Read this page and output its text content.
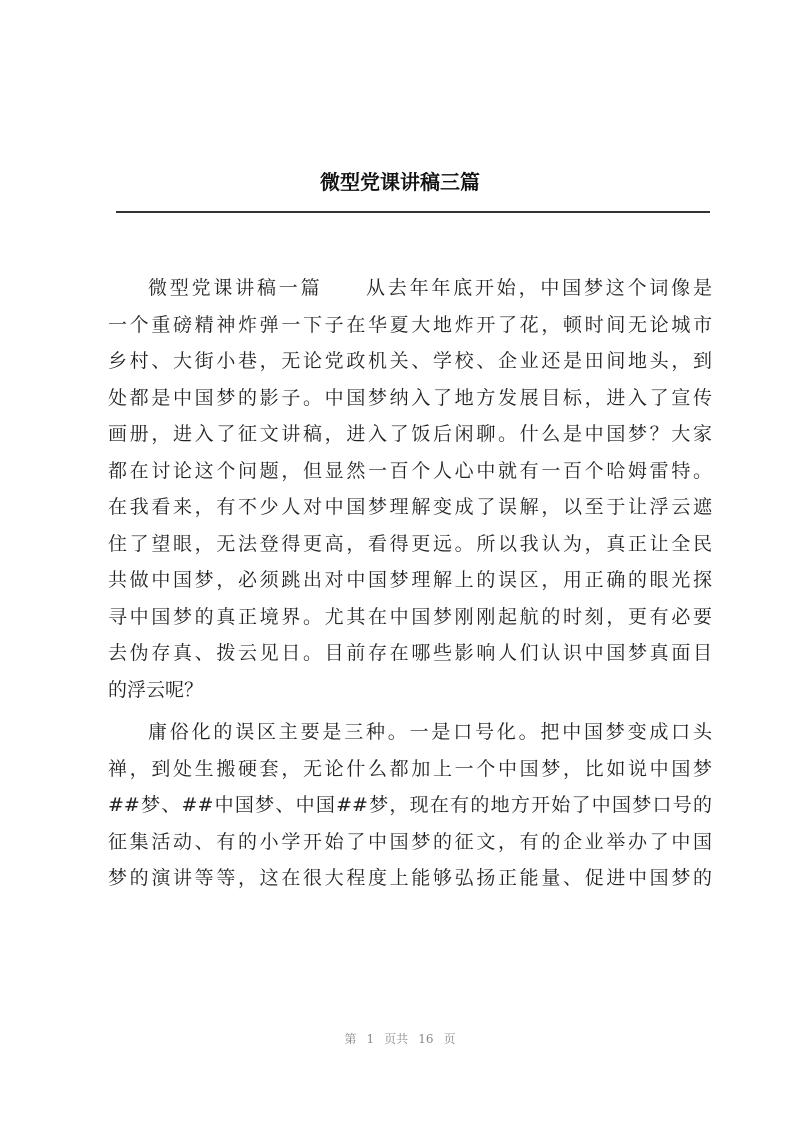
微型党课讲稿三篇
微型党课讲稿一篇　　从去年年底开始，中国梦这个词像是
一个重磅精神炸弹一下子在华夏大地炸开了花，顿时间无论城市
乡村、大街小巷，无论党政机关、学校、企业还是田间地头，到
处都是中国梦的影子。中国梦纳入了地方发展目标，进入了宣传
画册，进入了征文讲稿，进入了饭后闲聊。什么是中国梦？大家
都在讨论这个问题，但显然一百个人心中就有一百个哈姆雷特。
在我看来，有不少人对中国梦理解变成了误解，以至于让浮云遮
住了望眼，无法登得更高，看得更远。所以我认为，真正让全民
共做中国梦，必须跳出对中国梦理解上的误区，用正确的眼光探
寻中国梦的真正境界。尤其在中国梦刚刚起航的时刻，更有必要
去伪存真、拨云见日。目前存在哪些影响人们认识中国梦真面目
的浮云呢？
庸俗化的误区主要是三种。一是口号化。把中国梦变成口头
禅，到处生搬硬套，无论什么都加上一个中国梦，比如说中国梦
##梦、##中国梦、中国##梦，现在有的地方开始了中国梦口号的
征集活动、有的小学开始了中国梦的征文，有的企业举办了中国
梦的演讲等等，这在很大程度上能够弘扬正能量、促进中国梦的
第 1 页共 16 页
